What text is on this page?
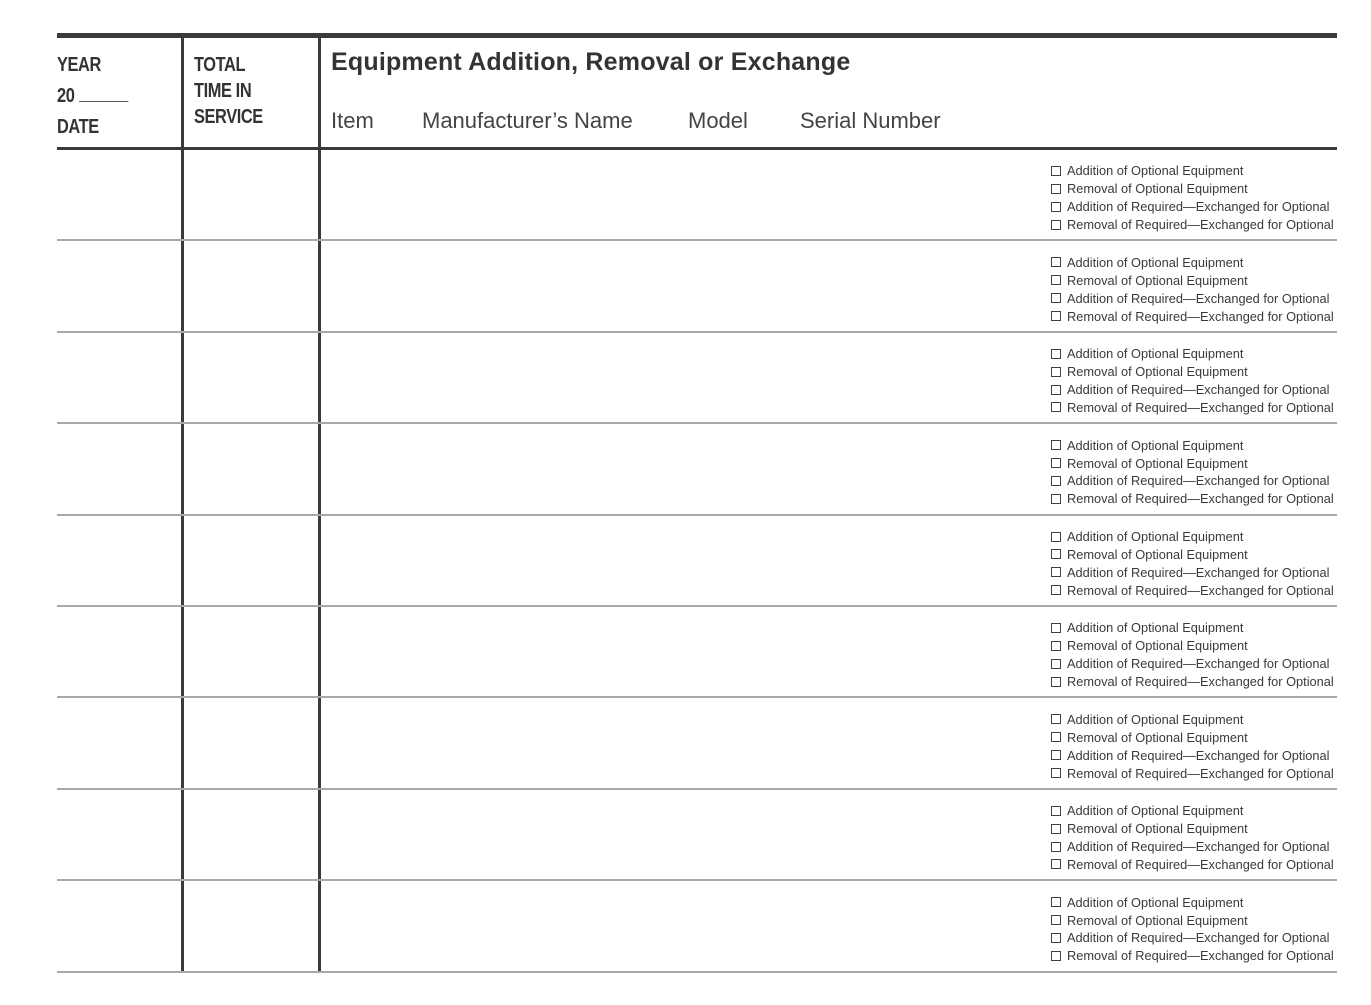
YEAR
20
DATE
TOTAL
TIME IN
SERVICE
Equipment Addition, Removal or Exchange
Item Manufacturer’s Name	Model Serial Number
Addition of Optional Equipment
Removal of Optional Equipment
Addition of Required—Exchanged for Optional
Removal of Required—Exchanged for Optional
Addition of Optional Equipment
Removal of Optional Equipment
Addition of Required—Exchanged for Optional
Removal of Required—Exchanged for Optional
Addition of Optional Equipment
Removal of Optional Equipment
Addition of Required—Exchanged for Optional
Removal of Required—Exchanged for Optional
Addition of Optional Equipment
Removal of Optional Equipment
Addition of Required—Exchanged for Optional
Removal of Required—Exchanged for Optional
Addition of Optional Equipment
Removal of Optional Equipment
Addition of Required—Exchanged for Optional
Removal of Required—Exchanged for Optional
Addition of Optional Equipment
Removal of Optional Equipment
Addition of Required—Exchanged for Optional
Removal of Required—Exchanged for Optional
Addition of Optional Equipment
Removal of Optional Equipment
Addition of Required—Exchanged for Optional
Removal of Required—Exchanged for Optional
Addition of Optional Equipment
Removal of Optional Equipment
Addition of Required—Exchanged for Optional
Removal of Required—Exchanged for Optional
Addition of Optional Equipment
Removal of Optional Equipment
Addition of Required—Exchanged for Optional
Removal of Required—Exchanged for Optional
